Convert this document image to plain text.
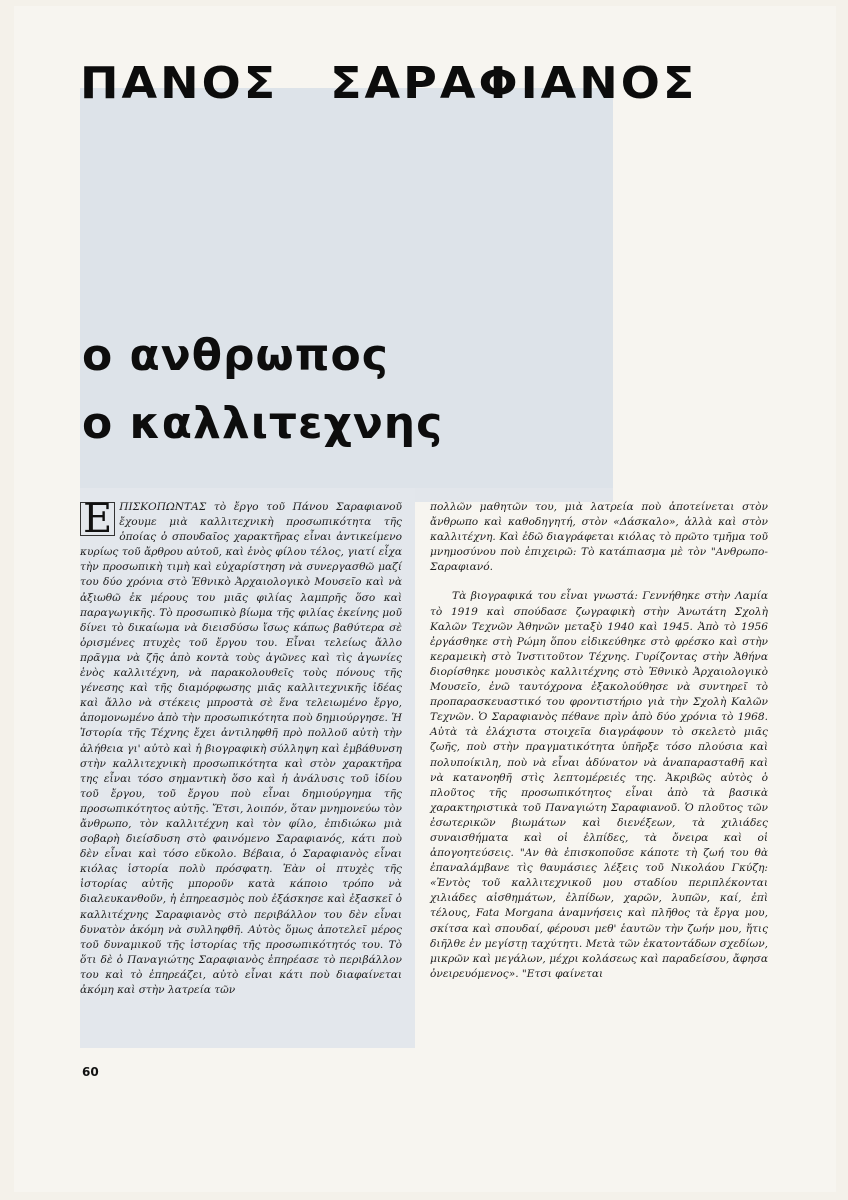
ΠΑΝΟΣ ΣΑΡΑΦΙΑΝΟΣ
ο ανθρωπος
ο καλλιτεχνης

Ε ΠΙΣΚΟΠΩΝΤΑΣ τὸ ἔργο τοῦ Πάνου Σαραφιανοῦ ἔχουμε μιὰ καλλιτεχνικὴ προσωπικότητα τῆς ὁποίας ὁ σπουδαῖος χαρακτῆρας εἶναι ἀντικείμενο κυρίως τοῦ ἄρθρου αὐτοῦ, καὶ ἑνὸς φίλου τέλος, γιατί εἶχα τὴν προσωπικὴ τιμὴ καὶ εὐχαρίστηση νὰ συνεργασθῶ μαζί του δύο χρόνια στὸ Ἐθνικὸ Ἀρχαιολογικὸ Μουσεῖο καὶ νὰ ἀξιωθῶ ἐκ μέρους του μιᾶς φιλίας λαμπρῆς ὅσο καὶ παραγωγικῆς. Τὸ προσωπικὸ βίωμα τῆς φιλίας ἐκείνης μοῦ δίνει τὸ δικαίωμα νὰ διεισδύσω ἴσως κάπως βαθύτερα σὲ ὁρισμένες πτυχὲς τοῦ ἔργου του. Εἶναι τελείως ἄλλο πρᾶγμα νὰ ζῆς ἀπὸ κοντὰ τοὺς ἀγῶνες καὶ τὶς ἀγωνίες ἑνὸς καλλιτέχνη, νὰ παρακολουθεῖς τοὺς πόνους τῆς γένεσης καὶ τῆς διαμόρφωσης μιᾶς καλλιτεχνικῆς ἰδέας καὶ ἄλλο νὰ στέκεις μπροστὰ σὲ ἕνα τελειωμένο ἔργο, ἀπομονωμένο ἀπὸ τὴν προσωπικότητα ποὺ δημιούργησε. Ἡ Ἱστορία τῆς Τέχνης ἔχει ἀντιληφθῆ πρὸ πολλοῦ αὐτὴ τὴν ἀλήθεια γι' αὐτὸ καὶ ἡ βιογραφικὴ σύλληψη καὶ ἐμβάθυνση στὴν καλλιτεχνικὴ προσωπικότητα καὶ στὸν χαρακτῆρα της εἶναι τόσο σημαντικὴ ὅσο καὶ ἡ ἀνάλυσις τοῦ ἰδίου τοῦ ἔργου, τοῦ ἔργου ποὺ εἶναι δημιούργημα τῆς προσωπικότητος αὐτῆς. Ἔτσι, λοιπόν, ὅταν μνημονεύω τὸν ἄνθρωπο, τὸν καλλιτέχνη καὶ τὸν φίλο, ἐπιδιώκω μιὰ σοβαρὴ διείσδυση στὸ φαινόμενο Σαραφιανός, κάτι ποὺ δὲν εἶναι καὶ τόσο εὔκολο. Βέβαια, ὁ Σαραφιανὸς εἶναι κιόλας ἱστορία πολὺ πρόσφατη. Ἐὰν οἱ πτυχὲς τῆς ἱστορίας αὐτῆς μποροῦν κατὰ κάποιο τρόπο νὰ διαλευκανθοῦν, ἡ ἐπηρεασμὸς ποὺ ἐξάσκησε καὶ ἐξασκεῖ ὁ καλλιτέχνης Σαραφιανὸς στὸ περιβάλλον του δὲν εἶναι δυνατὸν ἀκόμη νὰ συλληφθῆ. Αὐτὸς ὅμως ἀποτελεῖ μέρος τοῦ δυναμικοῦ τῆς ἱστορίας τῆς προσωπικότητός του. Τὸ ὅτι δὲ ὁ Παναγιώτης Σαραφιανὸς ἐπηρέασε τὸ περιβάλλον του καὶ τὸ ἐπηρεάζει, αὐτὸ εἶναι κάτι ποὺ διαφαίνεται ἀκόμη καὶ στὴν λατρεία τῶν

πολλῶν μαθητῶν του, μιὰ λατρεία ποὺ ἀποτείνεται στὸν ἄνθρωπο καὶ καθοδηγητή, στὸν «Δάσκαλο», ἀλλὰ καὶ στὸν καλλιτέχνη. Καὶ ἐδῶ διαγράφεται κιόλας τὸ πρῶτο τμῆμα τοῦ μνημοσύνου ποὺ ἐπιχειρῶ: Τὸ κατάπιασμα μὲ τὸν "Ανθρωπο-Σαραφιανό.

Τὰ βιογραφικά του εἶναι γνωστά: Γεννήθηκε στὴν Λαμία τὸ 1919 καὶ σπούδασε ζωγραφικὴ στὴν Ἀνωτάτη Σχολὴ Καλῶν Τεχνῶν Ἀθηνῶν μεταξὺ 1940 καὶ 1945. Ἀπὸ τὸ 1956 ἐργάσθηκε στὴ Ρώμη ὅπου εἰδικεύθηκε στὸ φρέσκο καὶ στὴν κεραμεικὴ στὸ Ἰνστιτοῦτον Τέχνης. Γυρίζοντας στὴν Ἀθήνα διορίσθηκε μουσικὸς καλλιτέχνης στὸ Ἐθνικὸ Ἀρχαιολογικὸ Μουσεῖο, ἐνῶ ταυτόχρονα ἐξακολούθησε νὰ συντηρεῖ τὸ προπαρασκευαστικό του φροντιστήριο γιὰ τὴν Σχολὴ Καλῶν Τεχνῶν. Ὁ Σαραφιανὸς πέθανε πρὶν ἀπὸ δύο χρόνια τὸ 1968. Αὐτὰ τὰ ἐλάχιστα στοιχεῖα διαγράφουν τὸ σκελετὸ μιᾶς ζωῆς, ποὺ στὴν πραγματικότητα ὑπῆρξε τόσο πλούσια καὶ πολυποίκιλη, ποὺ νὰ εἶναι ἀδύνατον νὰ ἀναπαρασταθῆ καὶ νὰ κατανοηθῆ στὶς λεπτομέρειές της. Ἀκριβῶς αὐτὸς ὁ πλοῦτος τῆς προσωπικότητος εἶναι ἀπὸ τὰ βασικὰ χαρακτηριστικὰ τοῦ Παναγιώτη Σαραφιανοῦ. Ὁ πλοῦτος τῶν ἐσωτερικῶν βιωμάτων καὶ διενέξεων, τὰ χιλιάδες συναισθήματα καὶ οἱ ἐλπίδες, τὰ ὄνειρα καὶ οἱ ἀπογοητεύσεις. "Αν θὰ ἐπισκοποῦσε κάποτε τὴ ζωή του θὰ ἐπαναλάμβανε τὶς θαυμάσιες λέξεις τοῦ Νικολάου Γκύζη: «Ἐντὸς τοῦ καλλιτεχνικοῦ μου σταδίου περιπλέκονται χιλιάδες αἰσθημάτων, ἐλπίδων, χαρῶν, λυπῶν, καί, ἐπὶ τέλους, Fata Morgana ἀναμνήσεις καὶ πλῆθος τὰ ἔργα μου, σκίτσα καὶ σπουδαί, φέρουσι μεθ' ἑαυτῶν τὴν ζωήν μου, ἥτις διῆλθε ἐν μεγίστῃ ταχύτητι. Μετὰ τῶν ἑκατοντάδων σχεδίων, μικρῶν καὶ μεγάλων, μέχρι κολάσεως καὶ παραδείσου, ἄφησα ὀνειρευόμενος». "Ετσι φαίνεται

60
